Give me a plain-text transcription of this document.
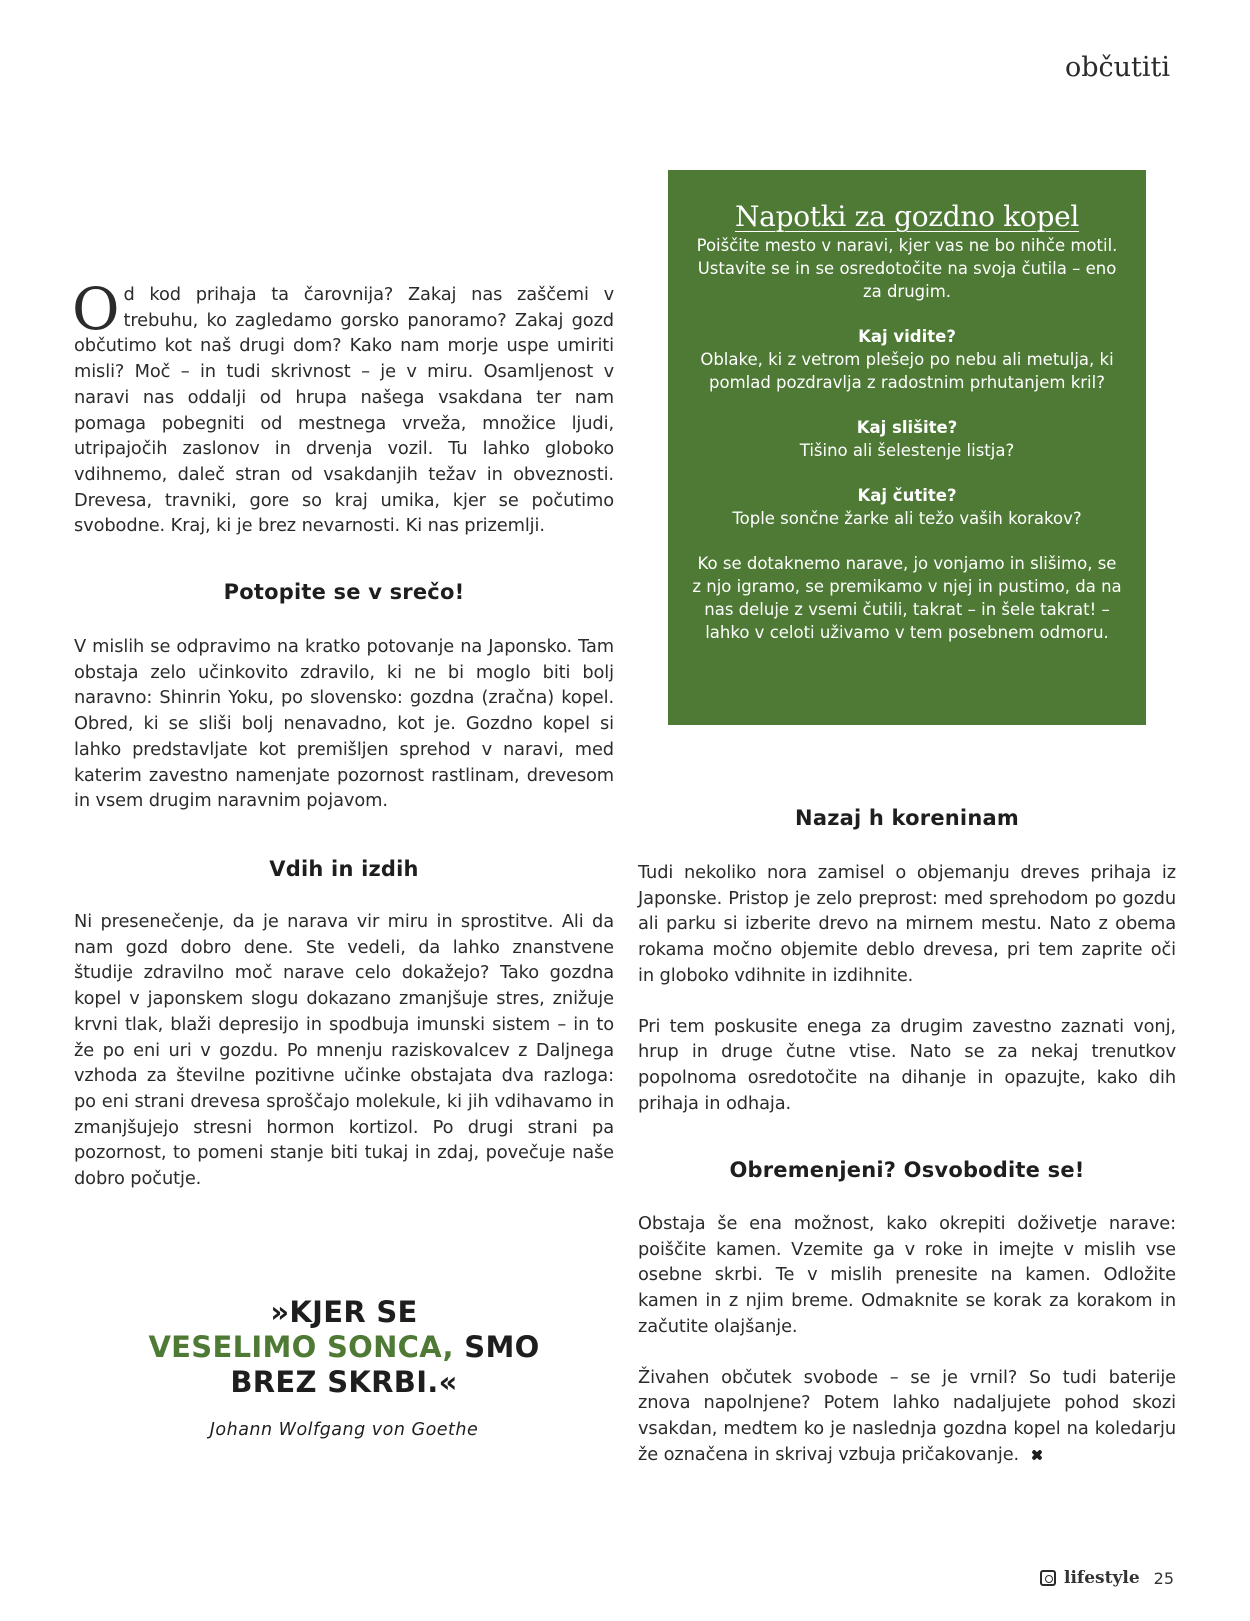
občutiti

Od kod prihaja ta čarovnija? Zakaj nas zaščemi v trebuhu, ko zagledamo gorsko panoramo? Zakaj gozd občutimo kot naš drugi dom? Kako nam morje uspe umiriti misli? Moč – in tudi skrivnost – je v miru. Osamljenost v naravi nas oddalji od hrupa našega vsakdana ter nam pomaga pobegniti od mestnega vrveža, množice ljudi, utripajočih zaslonov in drvenja vozil. Tu lahko globoko vdihnemo, daleč stran od vsakdanjih težav in obveznosti. Drevesa, travniki, gore so kraj umika, kjer se počutimo svobodne. Kraj, ki je brez nevarnosti. Ki nas prizemlji.

Potopite se v srečo!

V mislih se odpravimo na kratko potovanje na Japonsko. Tam obstaja zelo učinkovito zdravilo, ki ne bi moglo biti bolj naravno: Shinrin Yoku, po slovensko: gozdna (zračna) kopel. Obred, ki se sliši bolj nenavadno, kot je. Gozdno kopel si lahko predstavljate kot premišljen sprehod v naravi, med katerim zavestno namenjate pozornost rastlinam, drevesom in vsem drugim naravnim pojavom.

Vdih in izdih

Ni presenečenje, da je narava vir miru in sprostitve. Ali da nam gozd dobro dene. Ste vedeli, da lahko znanstvene študije zdravilno moč narave celo dokažejo? Tako gozdna kopel v japonskem slogu dokazano zmanjšuje stres, znižuje krvni tlak, blaži depresijo in spodbuja imunski sistem – in to že po eni uri v gozdu. Po mnenju raziskovalcev z Daljnega vzhoda za številne pozitivne učinke obstajata dva razloga: po eni strani drevesa sproščajo molekule, ki jih vdihavamo in zmanjšujejo stresni hormon kortizol. Po drugi strani pa pozornost, to pomeni stanje biti tukaj in zdaj, povečuje naše dobro počutje.

»KJER SE
VESELIMO SONCA, SMO
BREZ SKRBI.«
Johann Wolfgang von Goethe
Napotki za gozdno kopel

Poiščite mesto v naravi, kjer vas ne bo nihče motil. Ustavite se in se osredotočite na svoja čutila – eno za drugim.

Kaj vidite?

Oblake, ki z vetrom plešejo po nebu ali metulja, ki pomlad pozdravlja z radostnim prhutanjem kril?

Kaj slišite?

Tišino ali šelestenje listja?

Kaj čutite?

Tople sončne žarke ali težo vaših korakov?

Ko se dotaknemo narave, jo vonjamo in slišimo, se z njo igramo, se premikamo v njej in pustimo, da na nas deluje z vsemi čutili, takrat – in šele takrat! – lahko v celoti uživamo v tem posebnem odmoru.

Nazaj h koreninam

Tudi nekoliko nora zamisel o objemanju dreves prihaja iz Japonske. Pristop je zelo preprost: med sprehodom po gozdu ali parku si izberite drevo na mirnem mestu. Nato z obema rokama močno objemite deblo drevesa, pri tem zaprite oči in globoko vdihnite in izdihnite.

Pri tem poskusite enega za drugim zavestno zaznati vonj, hrup in druge čutne vtise. Nato se za nekaj trenutkov popolnoma osredotočite na dihanje in opazujte, kako dih prihaja in odhaja.

Obremenjeni? Osvobodite se!

Obstaja še ena možnost, kako okrepiti doživetje narave: poiščite kamen. Vzemite ga v roke in imejte v mislih vse osebne skrbi. Te v mislih prenesite na kamen. Odložite kamen in z njim breme. Odmaknite se korak za korakom in začutite olajšanje.

Živahen občutek svobode – se je vrnil? So tudi baterije znova napolnjene? Potem lahko nadaljujete pohod skozi vsakdan, medtem ko je naslednja gozdna kopel na koledarju že označena in skrivaj vzbuja pričakovanje.

lifestyle 25
